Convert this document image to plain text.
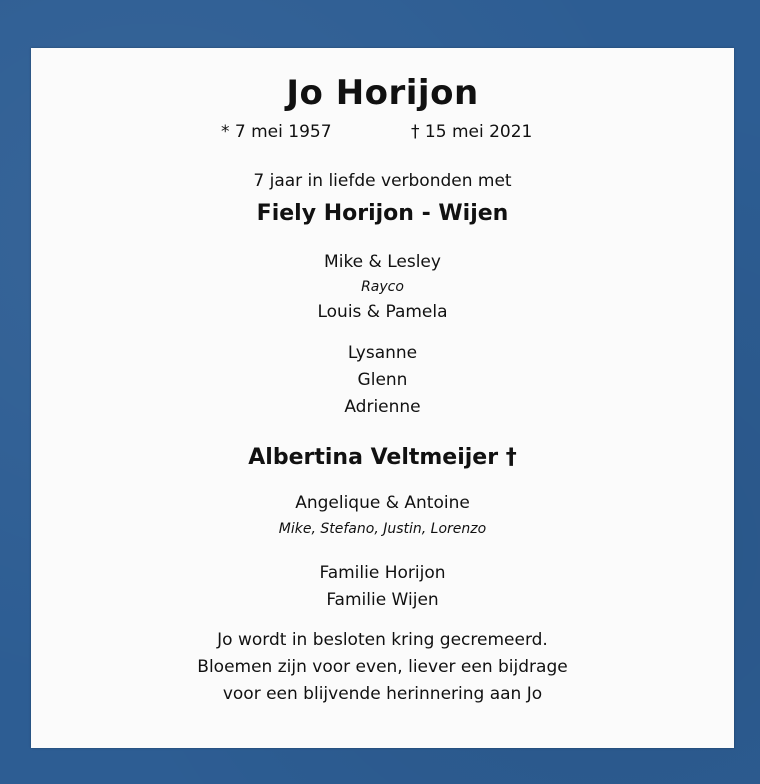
Jo Horijon
* 7 mei 1957	† 15 mei 2021
7 jaar in liefde verbonden met
Fiely Horijon - Wijen
Mike & Lesley
Rayco
Louis & Pamela
Lysanne
Glenn
Adrienne
Albertina Veltmeijer †
Angelique & Antoine
Mike, Stefano, Justin, Lorenzo
Familie Horijon
Familie Wijen
Jo wordt in besloten kring gecremeerd.
Bloemen zijn voor even, liever een bijdrage
voor een blijvende herinnering aan Jo
